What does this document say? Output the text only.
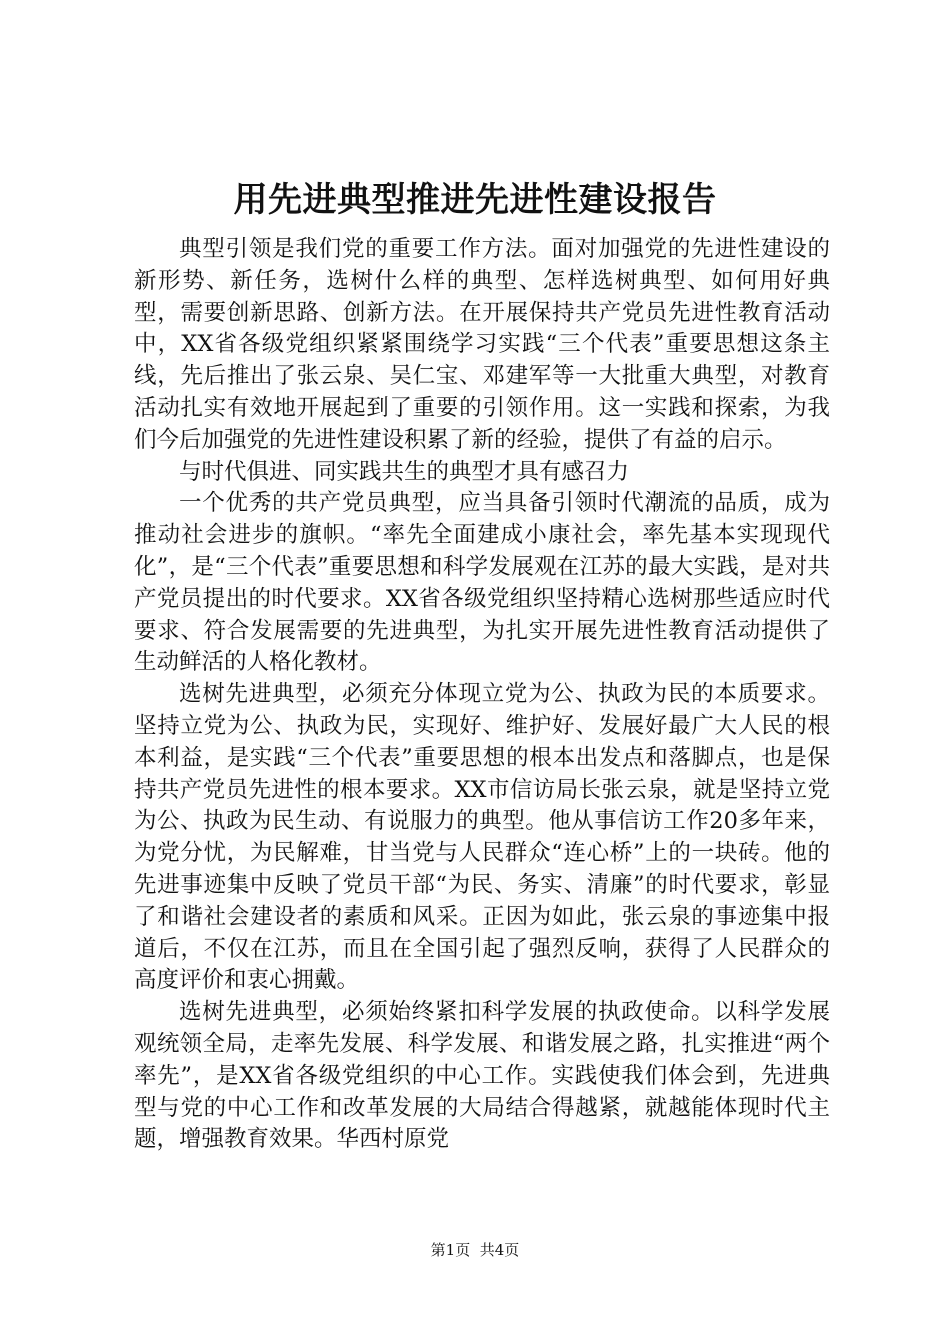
用先进典型推进先进性建设报告

典型引领是我们党的重要工作方法。面对加强党的先进性建设的新形势、新任务，选树什么样的典型、怎样选树典型、如何用好典型，需要创新思路、创新方法。在开展保持共产党员先进性教育活动中，XX省各级党组织紧紧围绕学习实践“三个代表”重要思想这条主线，先后推出了张云泉、吴仁宝、邓建军等一大批重大典型，对教育活动扎实有效地开展起到了重要的引领作用。这一实践和探索，为我们今后加强党的先进性建设积累了新的经验，提供了有益的启示。

与时代俱进、同实践共生的典型才具有感召力

一个优秀的共产党员典型，应当具备引领时代潮流的品质，成为推动社会进步的旗帜。“率先全面建成小康社会，率先基本实现现代化”，是“三个代表”重要思想和科学发展观在江苏的最大实践，是对共产党员提出的时代要求。XX省各级党组织坚持精心选树那些适应时代要求、符合发展需要的先进典型，为扎实开展先进性教育活动提供了生动鲜活的人格化教材。

选树先进典型，必须充分体现立党为公、执政为民的本质要求。坚持立党为公、执政为民，实现好、维护好、发展好最广大人民的根本利益，是实践“三个代表”重要思想的根本出发点和落脚点，也是保持共产党员先进性的根本要求。XX市信访局长张云泉，就是坚持立党为公、执政为民生动、有说服力的典型。他从事信访工作20多年来，为党分忧，为民解难，甘当党与人民群众“连心桥”上的一块砖。他的先进事迹集中反映了党员干部“为民、务实、清廉”的时代要求，彰显了和谐社会建设者的素质和风采。正因为如此，张云泉的事迹集中报道后，不仅在江苏，而且在全国引起了强烈反响，获得了人民群众的高度评价和衷心拥戴。

选树先进典型，必须始终紧扣科学发展的执政使命。以科学发展观统领全局，走率先发展、科学发展、和谐发展之路，扎实推进“两个率先”，是XX省各级党组织的中心工作。实践使我们体会到，先进典型与党的中心工作和改革发展的大局结合得越紧，就越能体现时代主题，增强教育效果。华西村原党

第1页 共4页
